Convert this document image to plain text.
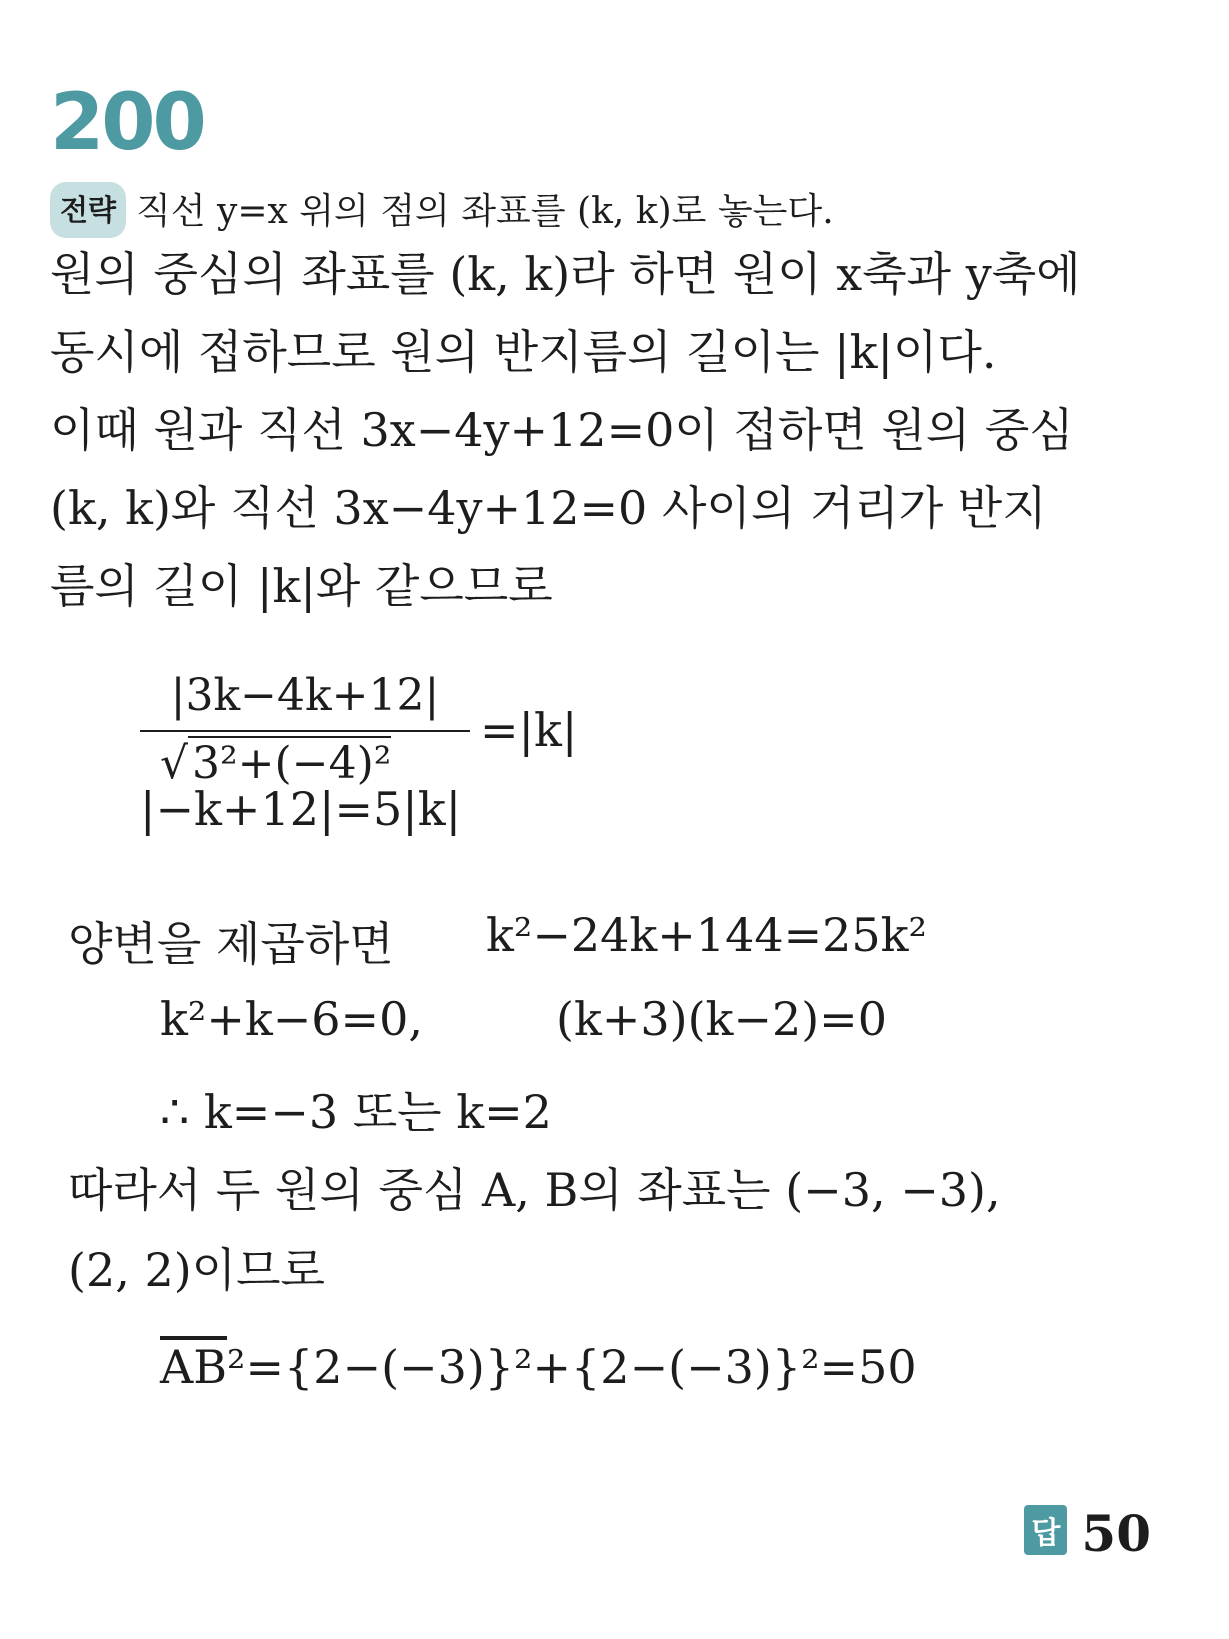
200
전략 직선 y=x 위의 점의 좌표를 (k, k)로 놓는다.
원의 중심의 좌표를 (k, k)라 하면 원이 x축과 y축에
동시에 접하므로 원의 반지름의 길이는 |k|이다.
이때 원과 직선 3x−4y+12=0이 접하면 원의 중심
(k, k)와 직선 3x−4y+12=0 사이의 거리가 반지
름의 길이 |k|와 같으므로
|3k−4k+12|
√3²+(−4)²
=|k|
|−k+12|=5|k|
양변을 제곱하면 k²−24k+144=25k²
k²+k−6=0,	(k+3)(k−2)=0
∴ k=−3 또는 k=2
따라서 두 원의 중심 A, B의 좌표는 (−3, −3),
(2, 2)이므로
$\overline{AB}^2=\{2-(-3)\}^2+\{2-(-3)\}^2=50$
답 50
